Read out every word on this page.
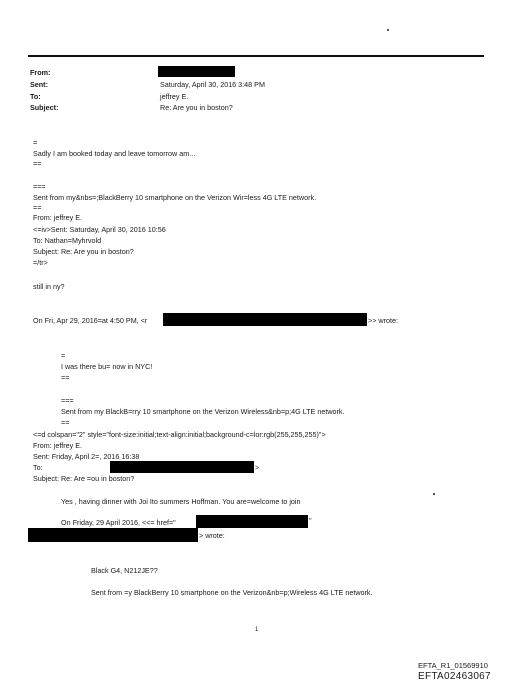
From:
Sent:	Saturday, April 30, 2016 3:48 PM
To:	jeffrey E.
Subject:	Re: Are you in boston?
=
Sadly I am booked today and leave tomorrow am...
==
===
Sent from my&nbs=;BlackBerry 10 smartphone on the Verizon Wir=less 4G LTE network.
==
From: jeffrey E.
<=iv>Sent: Saturday, April 30, 2016 10:56
To: Nathan=Myhrvold
Subject: Re: Are you in boston?
=/tr>
still in ny?
On Fri, Apr 29, 2016=at 4:50 PM, <r	>> wrote:
=
I was there bu= now in NYC!
==
===
Sent from my BlackB=rry 10 smartphone on the Verizon Wireless&nb=p;4G LTE network.
==
<=d colspan="2" style="font-size:initial;text-align:initial;background-c=lor:rgb(255,255,255)">
From: jeffrey E.
Sent: Friday, April 2=, 2016 16:38
To:	>
Subject: Re: Are =ou in boston?
Yes , having dinner with Joi Ito summers Hoffman. You are=welcome to join
On Friday, 29 April 2016, <<= href="	"
> wrote:
Black G4, N212JE??
Sent from =y BlackBerry 10 smartphone on the Verizon&nb=p;Wireless 4G LTE network.
1
EFTA_R1_01569910
EFTA02463067
